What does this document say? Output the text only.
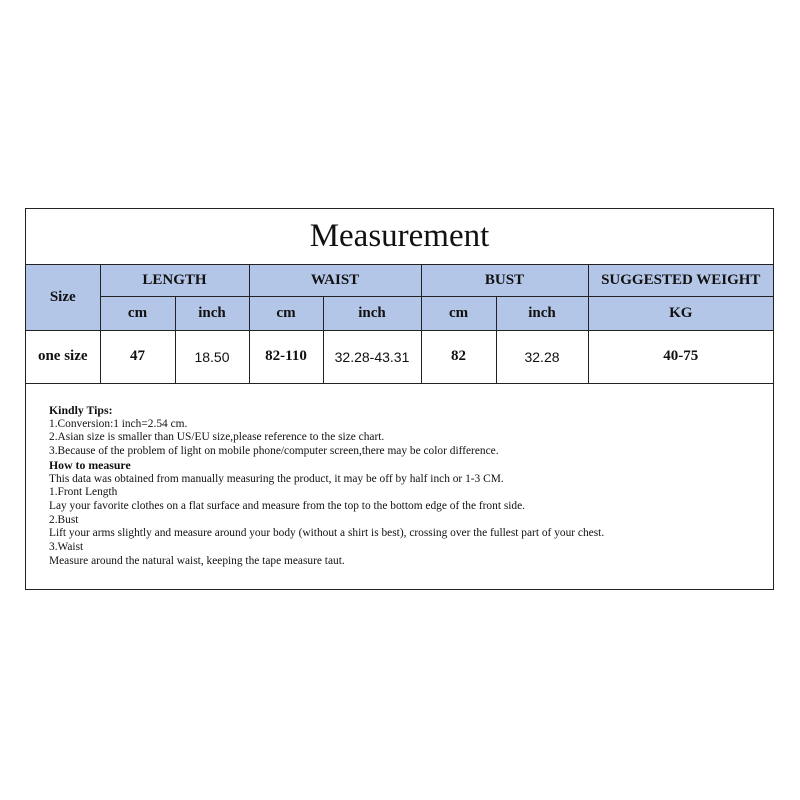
Measurement
Size	LENGTH		WAIST		BUST		SUGGESTED WEIGHT
	cm	inch	cm	inch	cm	inch	KG
one size	47	18.50	82-110	32.28-43.31	82	32.28	40-75
Kindly Tips:
1.Conversion:1 inch=2.54 cm.
2.Asian size is smaller than US/EU size,please reference to the size chart.
3.Because of the problem of light on mobile phone/computer screen,there may be color difference.
How to measure
This data was obtained from manually measuring the product, it may be off by half inch or 1-3 CM.
1.Front Length
Lay your favorite clothes on a flat surface and measure from the top to the bottom edge of the front side.
2.Bust
Lift your arms slightly and measure around your body (without a shirt is best), crossing over the fullest part of your chest.
3.Waist
Measure around the natural waist, keeping the tape measure taut.
